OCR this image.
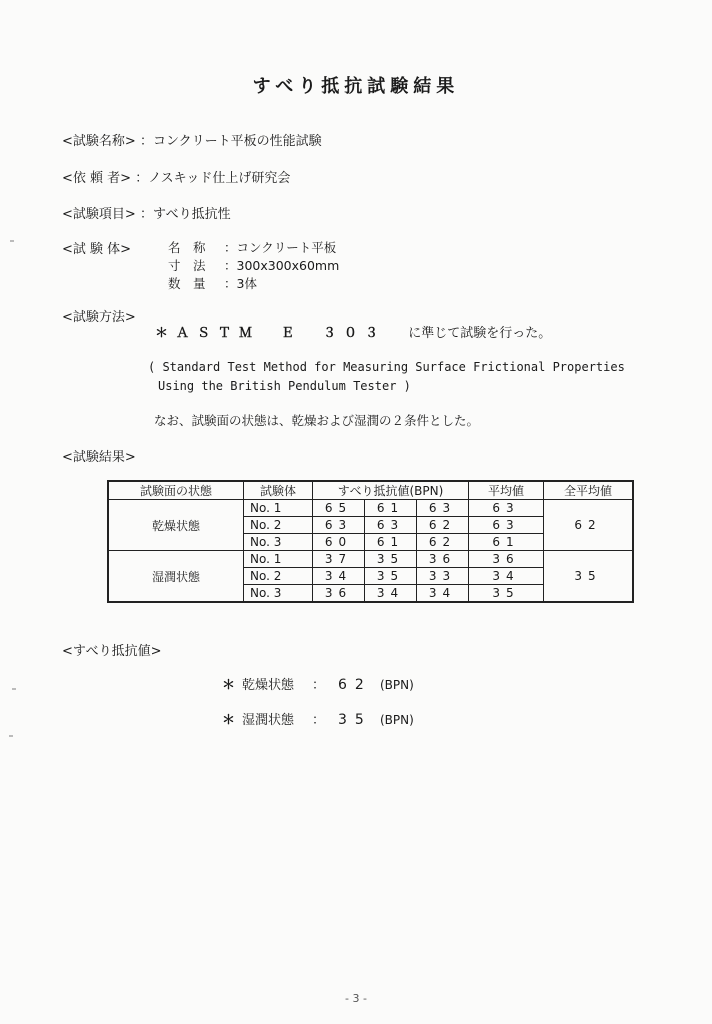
すべり抵抗試験結果
<試験名称> ：コンクリート平板の性能試験
<依 頼 者> ：ノスキッド仕上げ研究会
<試験項目> ：すべり抵抗性
<試 験 体>	名　称 ：コンクリート平板
寸　法 ：300x300x60mm
数　量 ：3体
<試験方法>
＊ＡＳＴＭ　Ｅ　３０３ に準じて試験を行った。
( Standard Test Method for Measuring Surface Frictional Properties
Using the British Pendulum Tester )
なお、試験面の状態は、乾燥および湿潤の２条件とした。
<試験結果>
試験面の状態	試験体	すべり抵抗値(BPN)			平均値	全平均値
乾燥状態	No. 1	65	61	63	63	62
	No. 2	63	63	62	63	
	No. 3	60	61	62	61	
湿潤状態	No. 1	37	35	36	36	35
	No. 2	34	35	33	34	
	No. 3	36	34	34	35	
<すべり抵抗値>
＊ 乾燥状態 ： 62 (BPN)
＊ 湿潤状態 ： 35 (BPN)
- 3 -
